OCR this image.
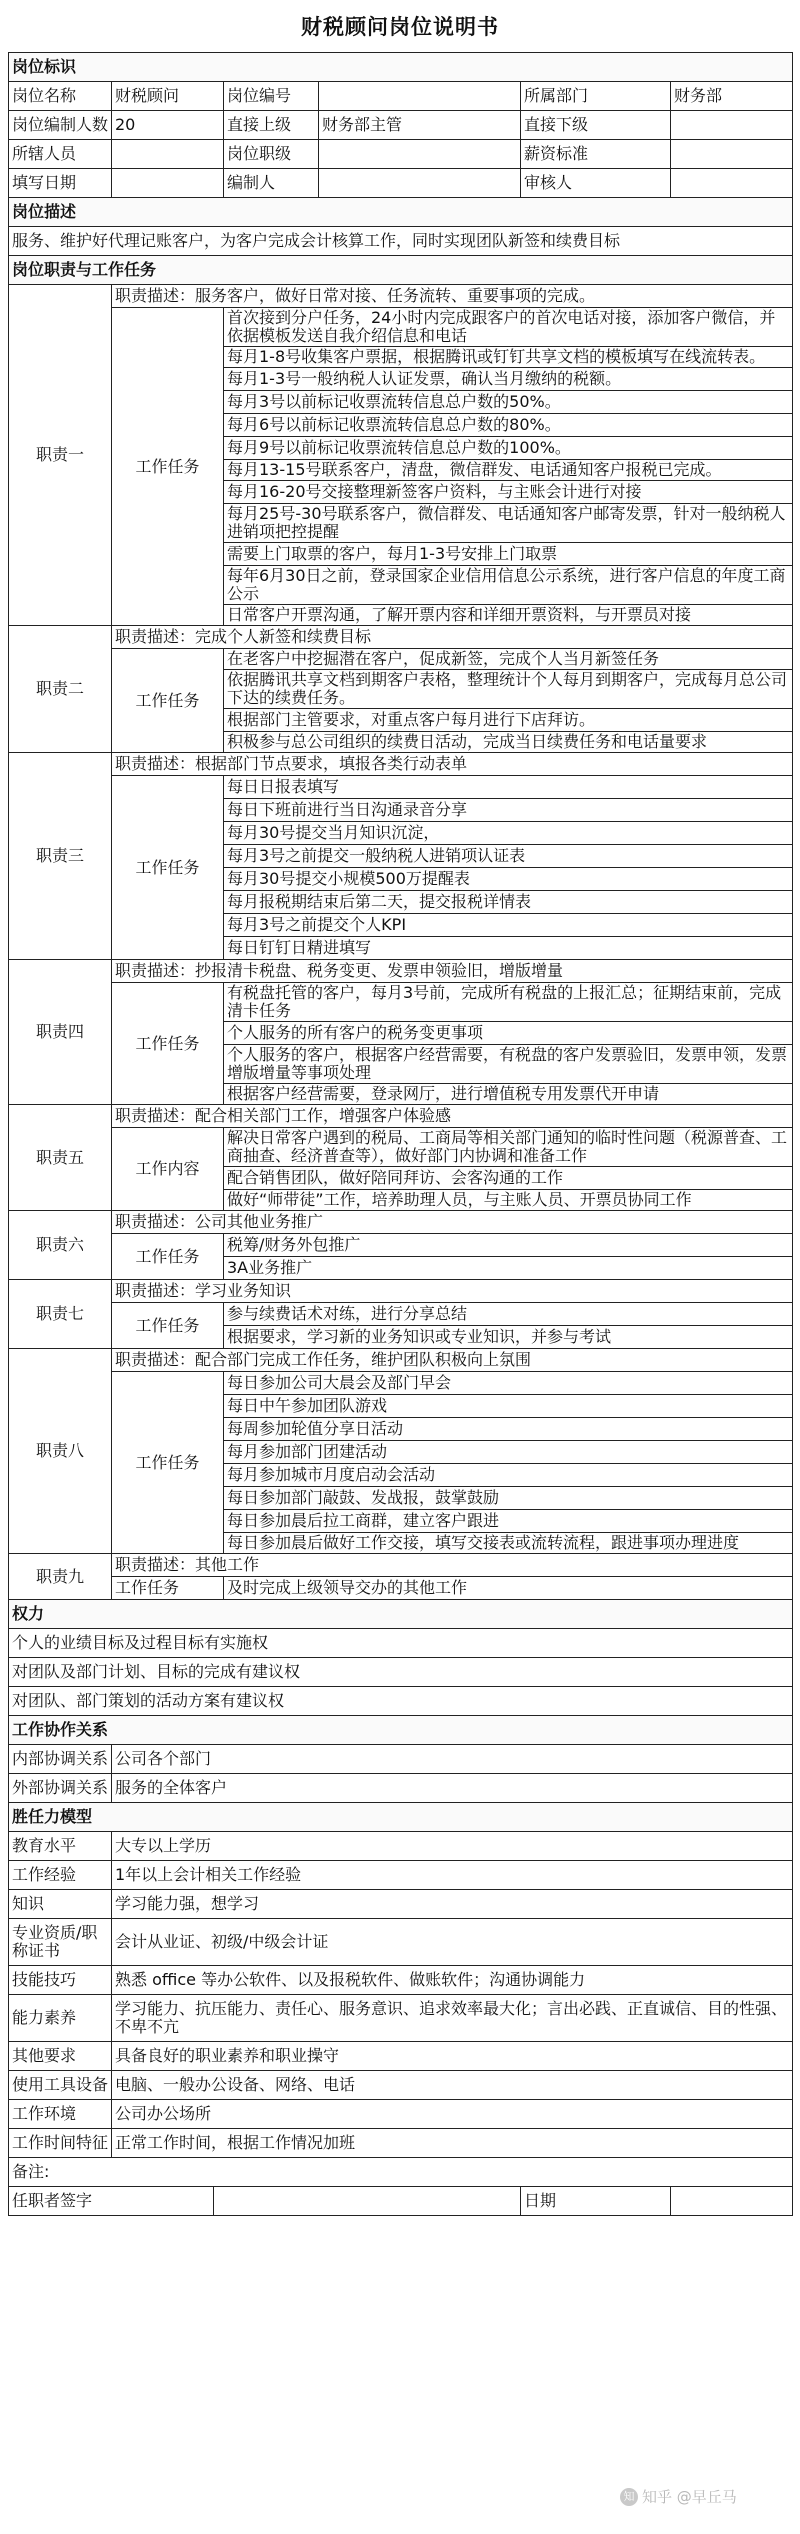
财税顾问岗位说明书
岗位标识						
岗位名称	财税顾问		岗位编号		所属部门	财务部
岗位编制人数	20		直接上级	财务部主管	直接下级	
所辖人员			岗位职级		薪资标准	
填写日期			编制人		审核人	
岗位描述						
服务、维护好代理记账客户，为客户完成会计核算工作，同时实现团队新签和续费目标						
岗位职责与工作任务						
职责一	职责描述：服务客户，做好日常对接、任务流转、重要事项的完成。					
	工作任务		首次接到分户任务，24小时内完成跟客户的首次电话对接，添加客户微信，并依据模板发送自我介绍信息和电话			
			每月1-8号收集客户票据，根据腾讯或钉钉共享文档的模板填写在线流转表。			
			每月1-3号一般纳税人认证发票，确认当月缴纳的税额。			
			每月3号以前标记收票流转信息总户数的50%。			
			每月6号以前标记收票流转信息总户数的80%。			
			每月9号以前标记收票流转信息总户数的100%。			
			每月13-15号联系客户，清盘，微信群发、电话通知客户报税已完成。			
			每月16-20号交接整理新签客户资料，与主账会计进行对接			
			每月25号-30号联系客户，微信群发、电话通知客户邮寄发票，针对一般纳税人进销项把控提醒			
			需要上门取票的客户，每月1-3号安排上门取票			
			每年6月30日之前，登录国家企业信用信息公示系统，进行客户信息的年度工商公示			
			日常客户开票沟通，了解开票内容和详细开票资料，与开票员对接			
职责二	职责描述：完成个人新签和续费目标					
	工作任务		在老客户中挖掘潜在客户，促成新签，完成个人当月新签任务			
			依据腾讯共享文档到期客户表格，整理统计个人每月到期客户，完成每月总公司下达的续费任务。			
			根据部门主管要求，对重点客户每月进行下店拜访。			
			积极参与总公司组织的续费日活动，完成当日续费任务和电话量要求			
职责三	职责描述：根据部门节点要求，填报各类行动表单					
	工作任务		每日日报表填写			
			每日下班前进行当日沟通录音分享			
			每月30号提交当月知识沉淀，			
			每月3号之前提交一般纳税人进销项认证表			
			每月30号提交小规模500万提醒表			
			每月报税期结束后第二天，提交报税详情表			
			每月3号之前提交个人KPI			
			每日钉钉日精进填写			
职责四	职责描述：抄报清卡税盘、税务变更、发票申领验旧，增版增量					
	工作任务		有税盘托管的客户，每月3号前，完成所有税盘的上报汇总；征期结束前，完成清卡任务			
			个人服务的所有客户的税务变更事项			
			个人服务的客户，根据客户经营需要，有税盘的客户发票验旧，发票申领，发票增版增量等事项处理			
			根据客户经营需要，登录网厅，进行增值税专用发票代开申请			
职责五	职责描述：配合相关部门工作，增强客户体验感					
	工作内容		解决日常客户遇到的税局、工商局等相关部门通知的临时性问题（税源普查、工商抽查、经济普查等），做好部门内协调和准备工作			
			配合销售团队，做好陪同拜访、会客沟通的工作			
			做好“师带徒”工作，培养助理人员，与主账人员、开票员协同工作			
职责六	职责描述：公司其他业务推广					
	工作任务		税筹/财务外包推广			
			3A业务推广			
职责七	职责描述：学习业务知识					
	工作任务		参与续费话术对练，进行分享总结			
			根据要求，学习新的业务知识或专业知识，并参与考试			
职责八	职责描述：配合部门完成工作任务，维护团队积极向上氛围					
	工作任务		每日参加公司大晨会及部门早会			
			每日中午参加团队游戏			
			每周参加轮值分享日活动			
			每月参加部门团建活动			
			每月参加城市月度启动会活动			
			每日参加部门敲鼓、发战报，鼓掌鼓励			
			每日参加晨后拉工商群，建立客户跟进			
			每日参加晨后做好工作交接，填写交接表或流转流程，跟进事项办理进度			
职责九	职责描述：其他工作					
	工作任务		及时完成上级领导交办的其他工作			
权力						
个人的业绩目标及过程目标有实施权						
对团队及部门计划、目标的完成有建议权						
对团队、部门策划的活动方案有建议权						
工作协作关系						
内部协调关系	公司各个部门					
外部协调关系	服务的全体客户					
胜任力模型						
教育水平	大专以上学历					
工作经验	1年以上会计相关工作经验					
知识	学习能力强，想学习					
专业资质/职称证书	会计从业证、初级/中级会计证					
技能技巧	熟悉 office 等办公软件、以及报税软件、做账软件；沟通协调能力					
能力素养	学习能力、抗压能力、责任心、服务意识、追求效率最大化；言出必践、正直诚信、目的性强、不卑不亢					
其他要求	具备良好的职业素养和职业操守					
使用工具设备	电脑、一般办公设备、网络、电话					
工作环境	公司办公场所					
工作时间特征	正常工作时间，根据工作情况加班					
备注:						
任职者签字					日期	
知 知乎 @早丘马
